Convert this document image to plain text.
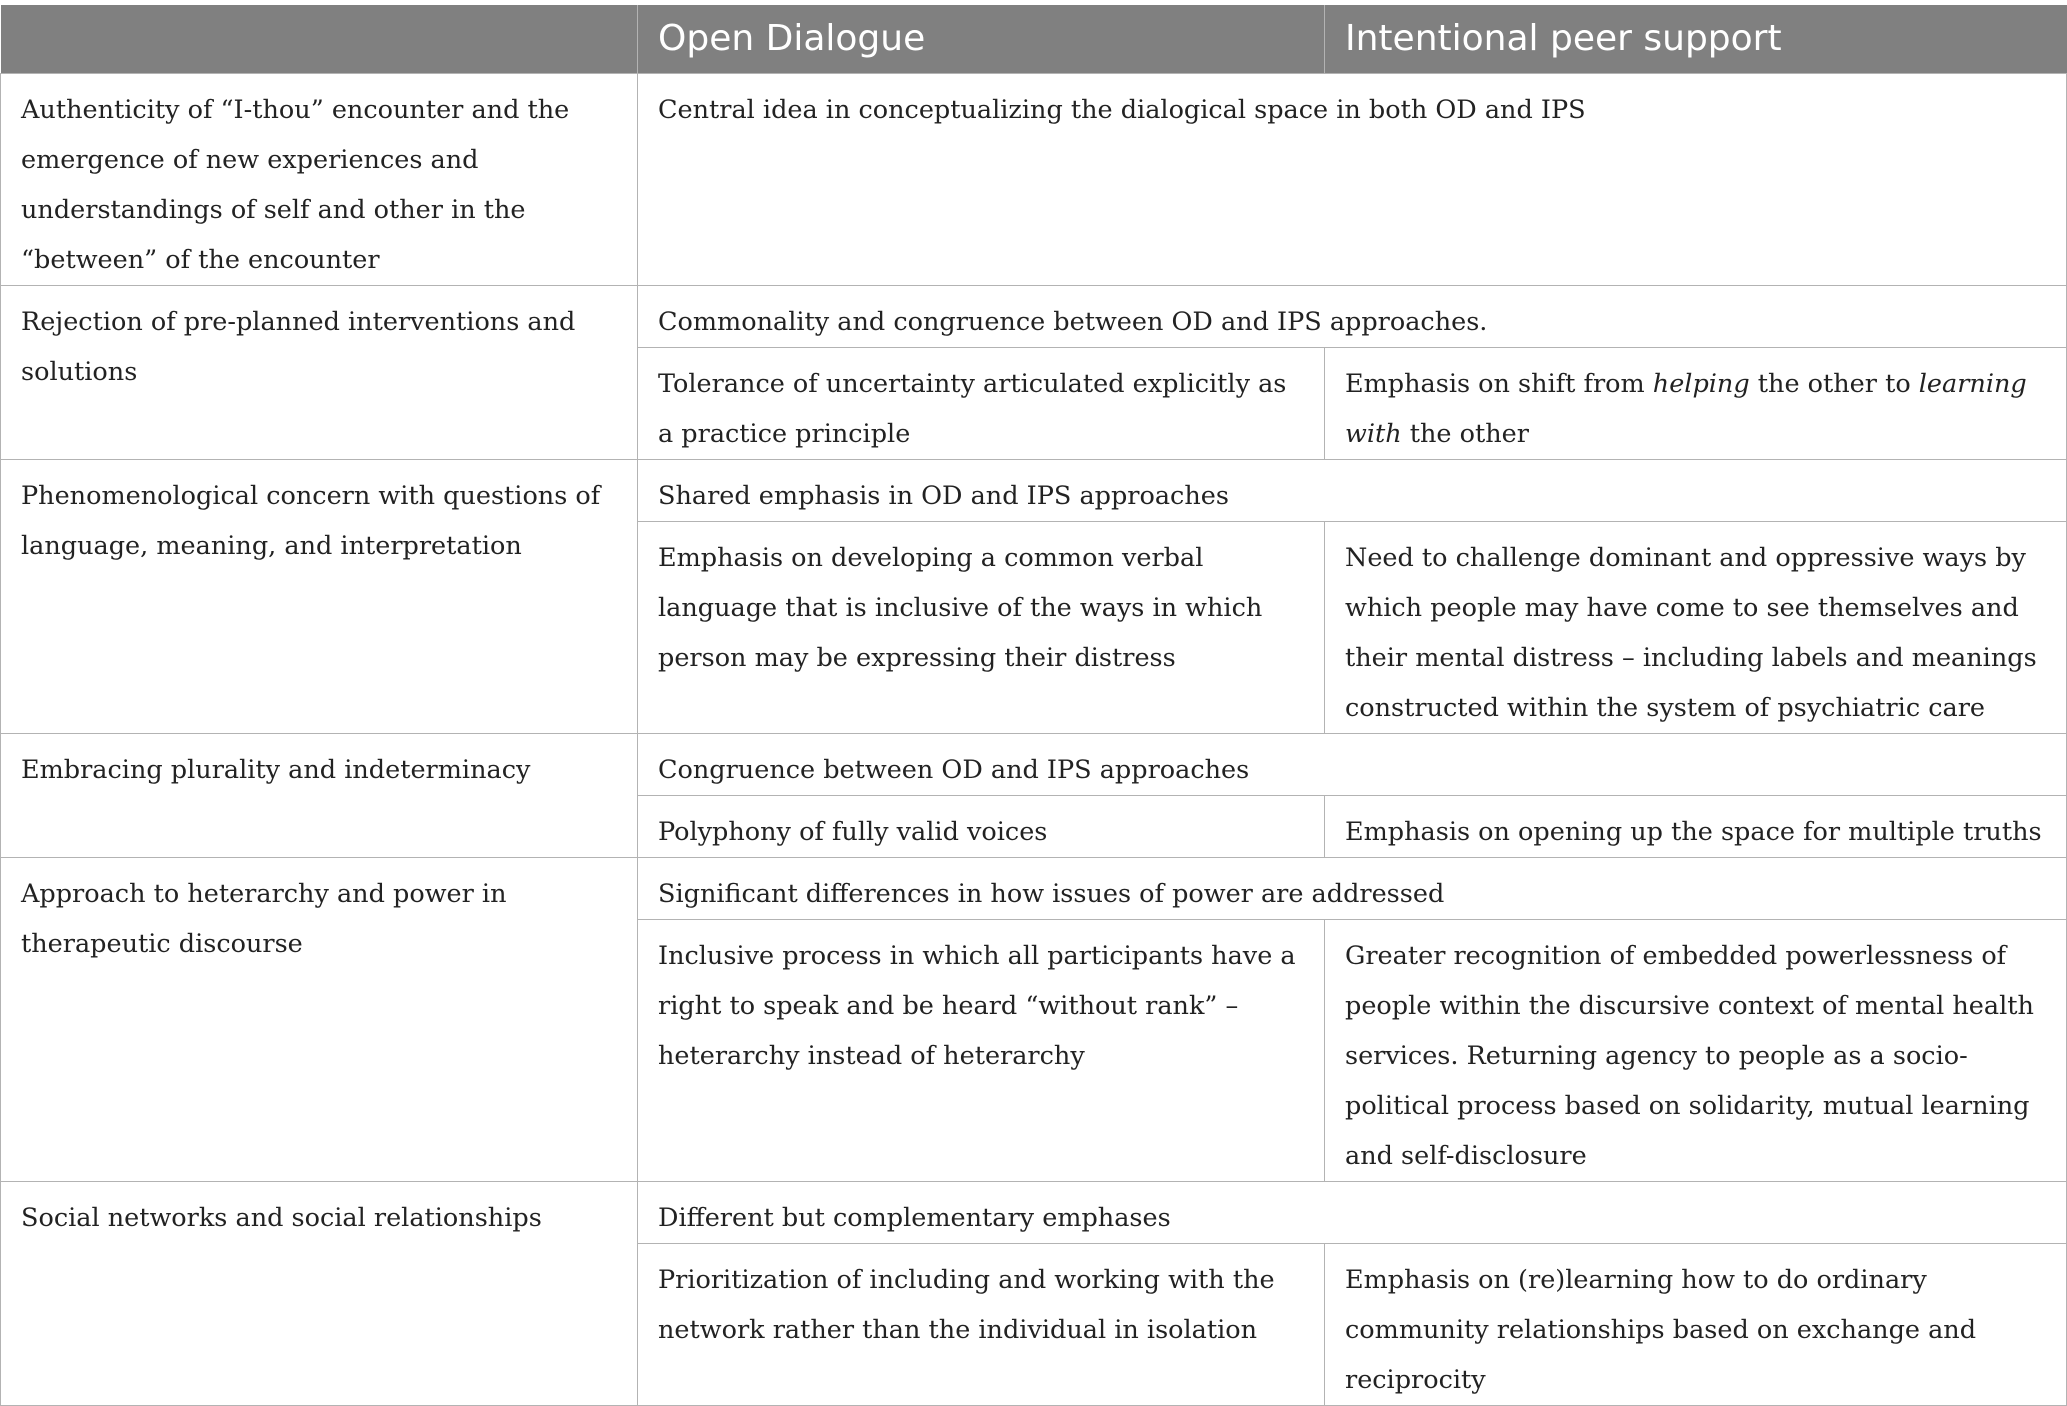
	Open Dialogue	Intentional peer support
Authenticity of “I-thou” encounter and the emergence of new experiences and understandings of self and other in the “between” of the encounter	Central idea in conceptualizing the dialogical space in both OD and IPS	
Rejection of pre-planned interventions and solutions	Commonality and congruence between OD and IPS approaches.	
	Tolerance of uncertainty articulated explicitly as a practice principle	Emphasis on shift from helping the other to learning with the other
Phenomenological concern with questions of language, meaning, and interpretation	Shared emphasis in OD and IPS approaches	
	Emphasis on developing a common verbal language that is inclusive of the ways in which person may be expressing their distress	Need to challenge dominant and oppressive ways by which people may have come to see themselves and their mental distress – including labels and meanings constructed within the system of psychiatric care
Embracing plurality and indeterminacy	Congruence between OD and IPS approaches	
	Polyphony of fully valid voices	Emphasis on opening up the space for multiple truths
Approach to heterarchy and power in therapeutic discourse	Significant differences in how issues of power are addressed	
	Inclusive process in which all participants have a right to speak and be heard “without rank” – heterarchy instead of heterarchy	Greater recognition of embedded powerlessness of people within the discursive context of mental health services. Returning agency to people as a socio-political process based on solidarity, mutual learning and self-disclosure
Social networks and social relationships	Different but complementary emphases	
	Prioritization of including and working with the network rather than the individual in isolation	Emphasis on (re)learning how to do ordinary community relationships based on exchange and reciprocity
